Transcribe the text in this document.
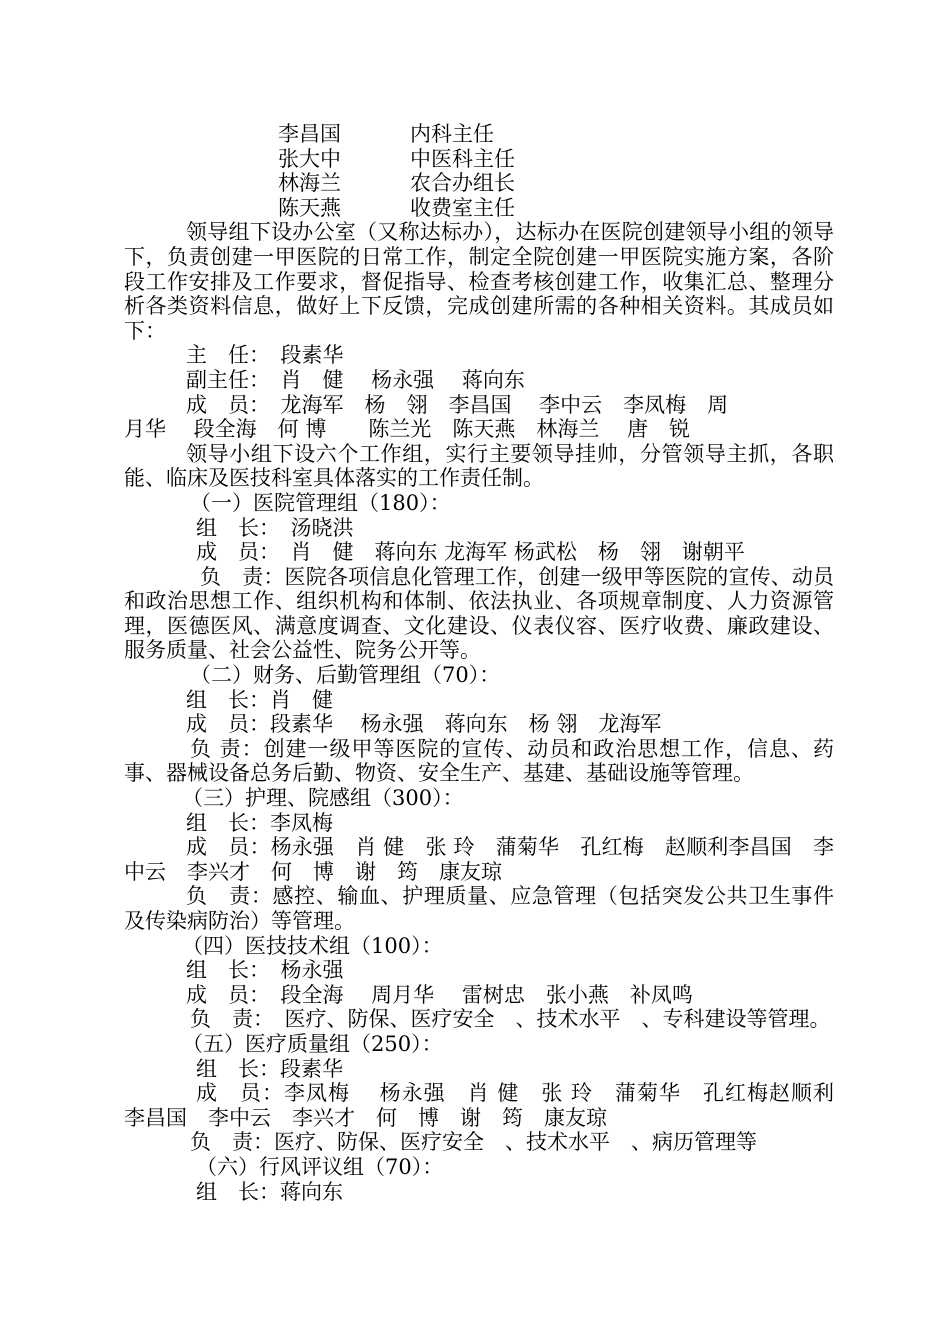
李昌国	内科主任
张大中	中医科主任
林海兰	农合办组长
陈天燕	收费室主任
领导组下设办公室（又称达标办），达标办在医院创建领导小组的领导下，负责创建一甲医院的日常工作，制定全院创建一甲医院实施方案，各阶段工作安排及工作要求，督促指导、检查考核创建工作，收集汇总、整理分析各类资料信息，做好上下反馈，完成创建所需的各种相关资料。其成员如下：
主　任：　段素华
副主任：　肖　健　 杨永强　 蒋向东
成　员：　龙海军　杨　翎　李昌国　 李中云　李凤梅　周
月华　 段全海　何 博　　陈兰光　陈天燕　林海兰　 唐　锐
领导小组下设六个工作组，实行主要领导挂帅，分管领导主抓，各职能、临床及医技科室具体落实的工作责任制。
（一）医院管理组（180）：
组　长：　汤晓洪
成　员：　肖　健　蒋向东 龙海军 杨武松　杨　翎　谢朝平
负　责：医院各项信息化管理工作，创建一级甲等医院的宣传、动员和政治思想工作、组织机构和体制、依法执业、各项规章制度、人力资源管理，医德医风、满意度调查、文化建设、仪表仪容、医疗收费、廉政建设、服务质量、社会公益性、院务公开等。
（二）财务、后勤管理组（70）：
组　长：肖　健
成　员：段素华　 杨永强　蒋向东　杨 翎　龙海军
负 责：创建一级甲等医院的宣传、动员和政治思想工作，信息、药事、器械设备总务后勤、物资、安全生产、基建、基础设施等管理。
（三）护理、院感组（300）：
组　长：李凤梅
成　员：杨永强　肖 健　张 玲　蒲菊华　孔红梅　赵顺利李昌国　李中云　李兴才　何　博　谢　筠　康友琼
负　责：感控、输血、护理质量、应急管理（包括突发公共卫生事件及传染病防治）等管理。
（四）医技技术组（100）：
组　长：　杨永强
成　员：　段全海　 周月华　 雷树忠　张小燕　补凤鸣
负　责：　医疗、防保、医疗安全　、技术水平　、专科建设等管理。
（五）医疗质量组（250）：
组　长：段素华
成　员：李凤梅　 杨永强　肖 健　张 玲　蒲菊华　孔红梅赵顺利　李昌国　李中云　李兴才　何　博　谢　筠　康友琼
负　责：医疗、防保、医疗安全　、技术水平　、病历管理等
（六）行风评议组（70）：
组　长：蒋向东
